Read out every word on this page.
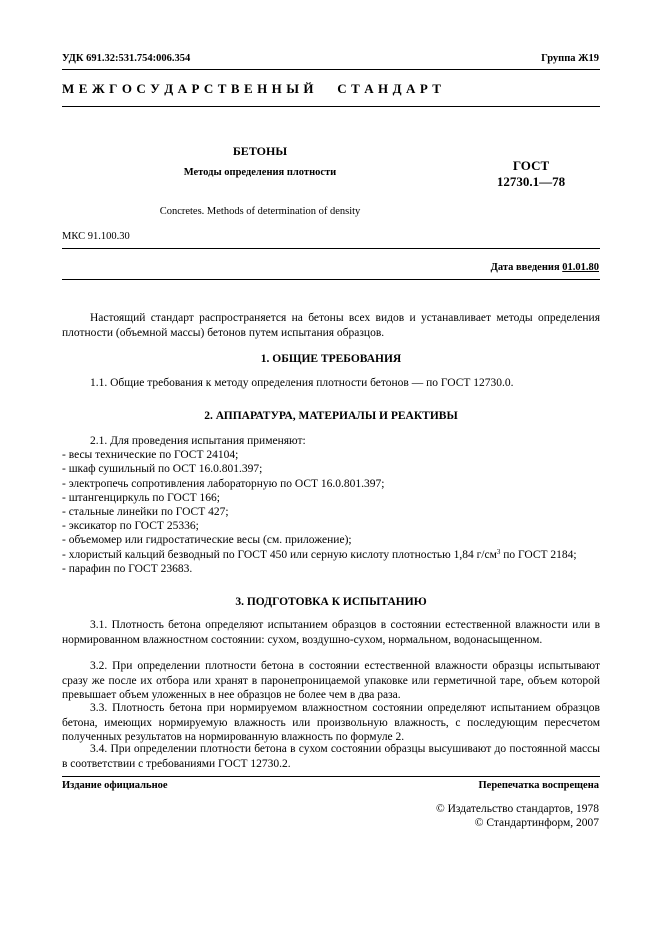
УДК 691.32:531.754:006.354	Группа Ж19
М Е Ж Г О С У Д А Р С Т В Е Н Н Ы Й      С Т А Н Д А Р Т
БЕТОНЫ
Методы определения плотности	ГОСТ
12730.1—78
Concretes. Methods of determination of density
МКС 91.100.30
Дата введения 01.01.80
Настоящий стандарт распространяется на бетоны всех видов и устанавливает методы определения плотности (объемной массы) бетонов путем испытания образцов.
1. ОБЩИЕ ТРЕБОВАНИЯ
1.1. Общие требования к методу определения плотности бетонов — по ГОСТ 12730.0.
2. АППАРАТУРА, МАТЕРИАЛЫ И РЕАКТИВЫ
2.1. Для проведения испытания применяют:
- весы технические по ГОСТ 24104;
- шкаф сушильный по ОСТ 16.0.801.397;
- электропечь сопротивления лабораторную по ОСТ 16.0.801.397;
- штангенциркуль по ГОСТ 166;
- стальные линейки по ГОСТ 427;
- эксикатор по ГОСТ 25336;
- объемомер или гидростатические весы (см. приложение);
- хлористый кальций безводный по ГОСТ 450 или серную кислоту плотностью 1,84 $г/см^3$ по ГОСТ 2184;
- парафин по ГОСТ 23683.
3. ПОДГОТОВКА К ИСПЫТАНИЮ
3.1. Плотность бетона определяют испытанием образцов в состоянии естественной влажности или в нормированном влажностном состоянии: сухом, воздушно-сухом, нормальном, водонасыщенном.
3.2. При определении плотности бетона в состоянии естественной влажности образцы испытывают сразу же после их отбора или хранят в паронепроницаемой упаковке или герметичной таре, объем которой превышает объем уложенных в нее образцов не более чем в два раза.
3.3. Плотность бетона при нормируемом влажностном состоянии определяют испытанием образцов бетона, имеющих нормируемую влажность или произвольную влажность, с последующим пересчетом полученных результатов на нормированную влажность по формуле 2.
3.4. При определении плотности бетона в сухом состоянии образцы высушивают до постоянной массы в соответствии с требованиями ГОСТ 12730.2.
Издание официальное	Перепечатка воспрещена
© Издательство стандартов, 1978
© Стандартинформ, 2007
